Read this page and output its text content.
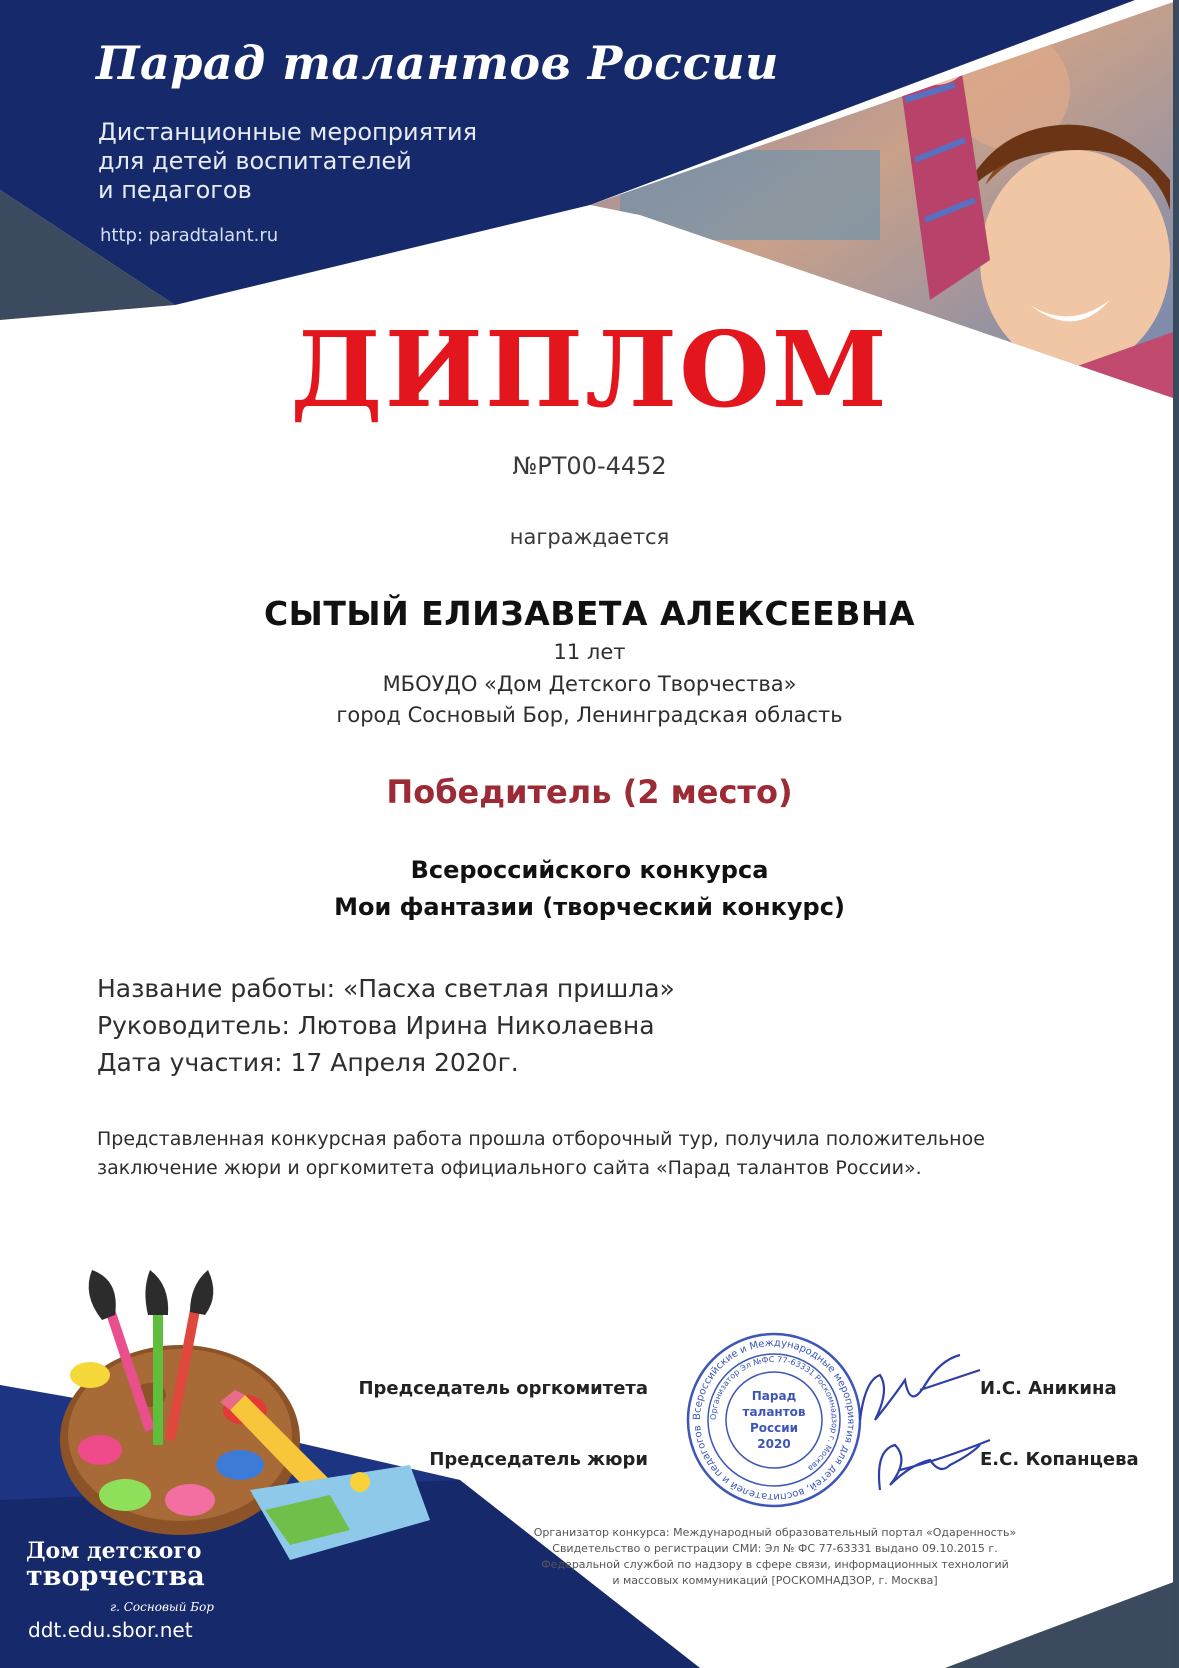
Парад талантов России
Дистанционные мероприятия
для детей воспитателей
и педагогов
http: paradtalant.ru
ДИПЛОМ
№РТ00-4452
награждается
СЫТЫЙ ЕЛИЗАВЕТА АЛЕКСЕЕВНА
11 лет
МБОУДО «Дом Детского Творчества»
город Сосновый Бор, Ленинградская область
Победитель (2 место)
Всероссийского конкурса
Мои фантазии (творческий конкурс)
Название работы: «Пасха светлая пришла»
Руководитель: Лютова Ирина Николаевна
Дата участия: 17 Апреля 2020г.
Представленная конкурсная работа прошла отборочный тур, получила положительное
заключение жюри и оргкомитета официального сайта «Парад талантов России».
Председатель оргкомитета	И.С. Аникина
Председатель жюри	Е.С. Копанцева
Всероссийские и Международные мероприятия для детей, воспитателей и педагогов
Организатор Эл №ФС 77-63331 Роскомнадзор г. Москва
Парад
талантов
России
2020
Организатор конкурса: Международный образовательный портал «Одаренность»
Свидетельство о регистрации СМИ: Эл № ФС 77-63331 выдано 09.10.2015 г.
Федеральной службой по надзору в сфере связи, информационных технологий
и массовых коммуникаций [РОСКОМНАДЗОР, г. Москва]
Дом детского
творчества
г. Сосновый Бор
ddt.edu.sbor.net
